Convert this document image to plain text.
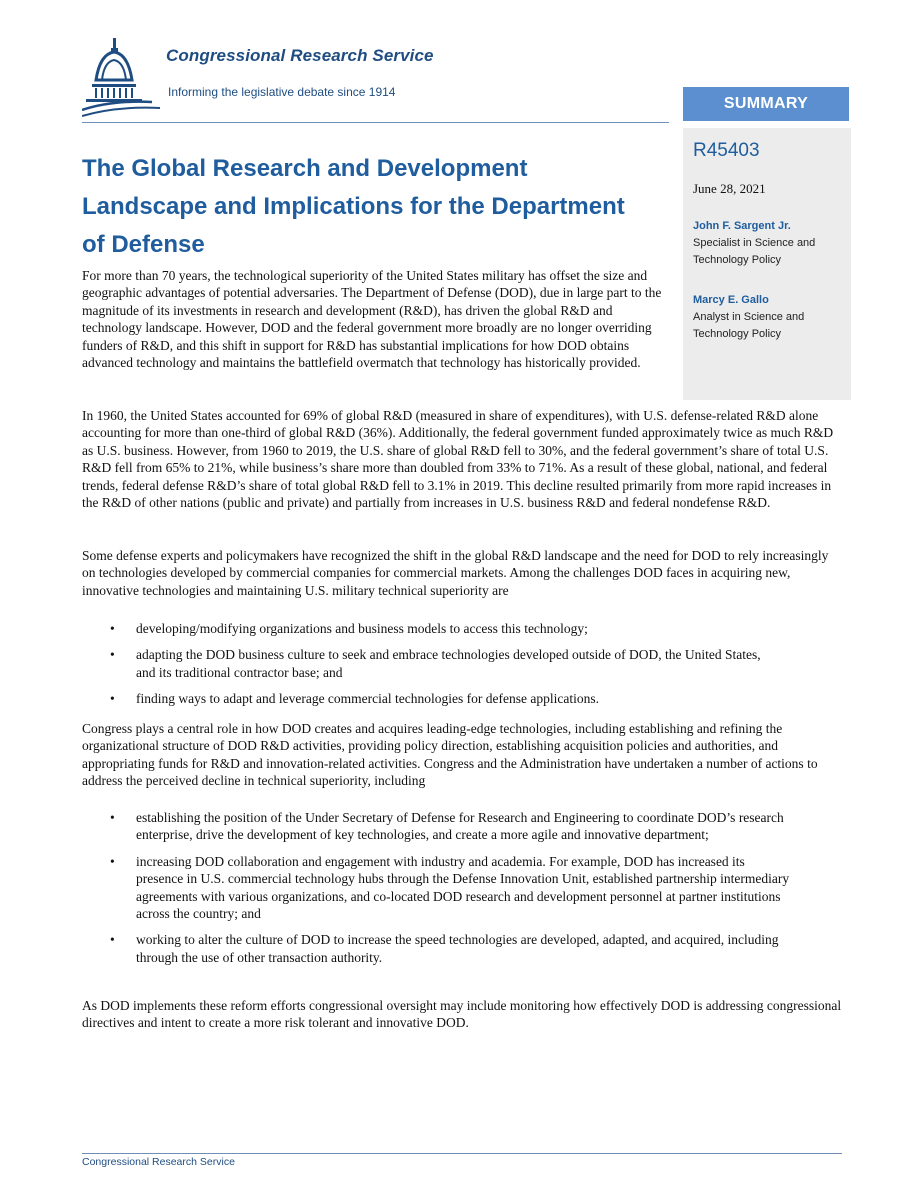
Congressional Research Service
Informing the legislative debate since 1914
SUMMARY
R45403
June 28, 2021
John F. Sargent Jr.
Specialist in Science and
Technology Policy
Marcy E. Gallo
Analyst in Science and
Technology Policy
The Global Research and Development Landscape and Implications for the Department of Defense

For more than 70 years, the technological superiority of the United States military has offset the size and geographic advantages of potential adversaries. The Department of Defense (DOD), due in large part to the magnitude of its investments in research and development (R&D), has driven the global R&D and technology landscape. However, DOD and the federal government more broadly are no longer overriding funders of R&D, and this shift in support for R&D has substantial implications for how DOD obtains advanced technology and maintains the battlefield overmatch that technology has historically provided.

In 1960, the United States accounted for 69% of global R&D (measured in share of expenditures), with U.S. defense-related R&D alone accounting for more than one-third of global R&D (36%). Additionally, the federal government funded approximately twice as much R&D as U.S. business. However, from 1960 to 2019, the U.S. share of global R&D fell to 30%, and the federal government’s share of total U.S. R&D fell from 65% to 21%, while business’s share more than doubled from 33% to 71%. As a result of these global, national, and federal trends, federal defense R&D’s share of total global R&D fell to 3.1% in 2019. This decline resulted primarily from more rapid increases in the R&D of other nations (public and private) and partially from increases in U.S. business R&D and federal nondefense R&D.

Some defense experts and policymakers have recognized the shift in the global R&D landscape and the need for DOD to rely increasingly on technologies developed by commercial companies for commercial markets. Among the challenges DOD faces in acquiring new, innovative technologies and maintaining U.S. military technical superiority are

• developing/modifying organizations and business models to access this technology;
• adapting the DOD business culture to seek and embrace technologies developed outside of DOD, the United States, and its traditional contractor base; and
• finding ways to adapt and leverage commercial technologies for defense applications.

Congress plays a central role in how DOD creates and acquires leading-edge technologies, including establishing and refining the organizational structure of DOD R&D activities, providing policy direction, establishing acquisition policies and authorities, and appropriating funds for R&D and innovation-related activities. Congress and the Administration have undertaken a number of actions to address the perceived decline in technical superiority, including

• establishing the position of the Under Secretary of Defense for Research and Engineering to coordinate DOD’s research enterprise, drive the development of key technologies, and create a more agile and innovative department;
• increasing DOD collaboration and engagement with industry and academia. For example, DOD has increased its presence in U.S. commercial technology hubs through the Defense Innovation Unit, established partnership intermediary agreements with various organizations, and co-located DOD research and development personnel at partner institutions across the country; and
• working to alter the culture of DOD to increase the speed technologies are developed, adapted, and acquired, including through the use of other transaction authority.

As DOD implements these reform efforts congressional oversight may include monitoring how effectively DOD is addressing congressional directives and intent to create a more risk tolerant and innovative DOD.

Congressional Research Service
